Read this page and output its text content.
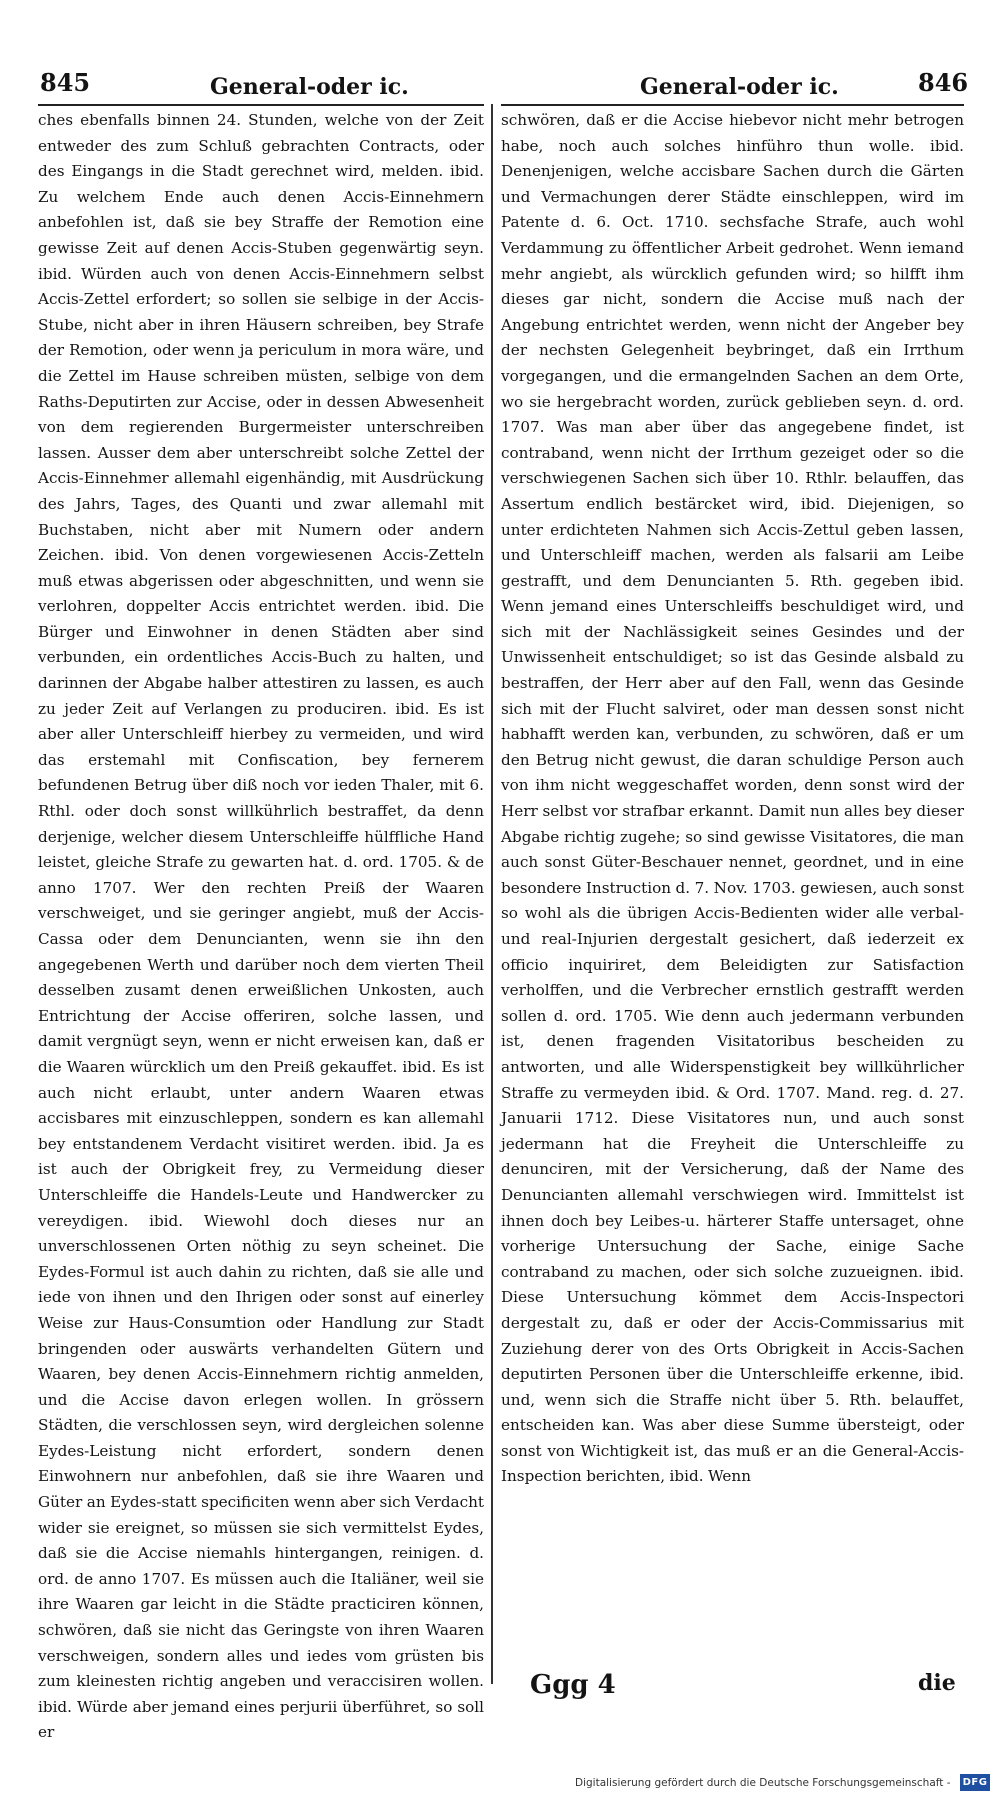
845	General-oder ic.	General-oder ic.	846

ches ebenfalls binnen 24. Stunden, welche von der Zeit entweder des zum Schluß gebrachten Contracts, oder des Eingangs in die Stadt gerechnet wird, melden. ibid. Zu welchem Ende auch denen Accis-Einnehmern anbefohlen ist, daß sie bey Straffe der Remotion eine gewisse Zeit auf denen Accis-Stuben gegenwärtig seyn. ibid. Würden auch von denen Accis-Einnehmern selbst Accis-Zettel erfordert; so sollen sie selbige in der Accis-Stube, nicht aber in ihren Häusern schreiben, bey Strafe der Remotion, oder wenn ja periculum in mora wäre, und die Zettel im Hause schreiben müsten, selbige von dem Raths-Deputirten zur Accise, oder in dessen Abwesenheit von dem regierenden Burgermeister unterschreiben lassen. Ausser dem aber unterschreibt solche Zettel der Accis-Einnehmer allemahl eigenhändig, mit Ausdrückung des Jahrs, Tages, des Quanti und zwar allemahl mit Buchstaben, nicht aber mit Numern oder andern Zeichen. ibid. Von denen vorgewiesenen Accis-Zetteln muß etwas abgerissen oder abgeschnitten, und wenn sie verlohren, doppelter Accis entrichtet werden. ibid. Die Bürger und Einwohner in denen Städten aber sind verbunden, ein ordentliches Accis-Buch zu halten, und darinnen der Abgabe halber attestiren zu lassen, es auch zu jeder Zeit auf Verlangen zu produciren. ibid. Es ist aber aller Unterschleiff hierbey zu vermeiden, und wird das erstemahl mit Confiscation, bey fernerem befundenen Betrug über diß noch vor ieden Thaler, mit 6. Rthl. oder doch sonst willkührlich bestraffet, da denn derjenige, welcher diesem Unterschleiffe hülffliche Hand leistet, gleiche Strafe zu gewarten hat. d. ord. 1705. & de anno 1707. Wer den rechten Preiß der Waaren verschweiget, und sie geringer angiebt, muß der Accis-Cassa oder dem Denuncianten, wenn sie ihn den angegebenen Werth und darüber noch dem vierten Theil desselben zusamt denen erweißlichen Unkosten, auch Entrichtung der Accise offeriren, solche lassen, und damit vergnügt seyn, wenn er nicht erweisen kan, daß er die Waaren würcklich um den Preiß gekauffet. ibid. Es ist auch nicht erlaubt, unter andern Waaren etwas accisbares mit einzuschleppen, sondern es kan allemahl bey entstandenem Verdacht visitiret werden. ibid. Ja es ist auch der Obrigkeit frey, zu Vermeidung dieser Unterschleiffe die Handels-Leute und Handwercker zu vereydigen. ibid. Wiewohl doch dieses nur an unverschlossenen Orten nöthig zu seyn scheinet. Die Eydes-Formul ist auch dahin zu richten, daß sie alle und iede von ihnen und den Ihrigen oder sonst auf einerley Weise zur Haus-Consumtion oder Handlung zur Stadt bringenden oder auswärts verhandelten Gütern und Waaren, bey denen Accis-Einnehmern richtig anmelden, und die Accise davon erlegen wollen. In grössern Städten, die verschlossen seyn, wird dergleichen solenne Eydes-Leistung nicht erfordert, sondern denen Einwohnern nur anbefohlen, daß sie ihre Waaren und Güter an Eydes-statt specificiten wenn aber sich Verdacht wider sie ereignet, so müssen sie sich vermittelst Eydes, daß sie die Accise niemahls hintergangen, reinigen. d. ord. de anno 1707. Es müssen auch die Italiäner, weil sie ihre Waaren gar leicht in die Städte practiciren können, schwören, daß sie nicht das Geringste von ihren Waaren verschweigen, sondern alles und iedes vom grüsten bis zum kleinesten richtig angeben und veraccisiren wollen. ibid. Würde aber jemand eines perjurii überführet, so soll er

schwören, daß er die Accise hiebevor nicht mehr betrogen habe, noch auch solches hinführo thun wolle. ibid. Denenjenigen, welche accisbare Sachen durch die Gärten und Vermachungen derer Städte einschleppen, wird im Patente d. 6. Oct. 1710. sechsfache Strafe, auch wohl Verdammung zu öffentlicher Arbeit gedrohet. Wenn iemand mehr angiebt, als würcklich gefunden wird; so hilfft ihm dieses gar nicht, sondern die Accise muß nach der Angebung entrichtet werden, wenn nicht der Angeber bey der nechsten Gelegenheit beybringet, daß ein Irrthum vorgegangen, und die ermangelnden Sachen an dem Orte, wo sie hergebracht worden, zurück geblieben seyn. d. ord. 1707. Was man aber über das angegebene findet, ist contraband, wenn nicht der Irrthum gezeiget oder so die verschwiegenen Sachen sich über 10. Rthlr. belauffen, das Assertum endlich bestärcket wird, ibid. Diejenigen, so unter erdichteten Nahmen sich Accis-Zettul geben lassen, und Unterschleiff machen, werden als falsarii am Leibe gestrafft, und dem Denuncianten 5. Rth. gegeben ibid. Wenn jemand eines Unterschleiffs beschuldiget wird, und sich mit der Nachlässigkeit seines Gesindes und der Unwissenheit entschuldiget; so ist das Gesinde alsbald zu bestraffen, der Herr aber auf den Fall, wenn das Gesinde sich mit der Flucht salviret, oder man dessen sonst nicht habhafft werden kan, verbunden, zu schwören, daß er um den Betrug nicht gewust, die daran schuldige Person auch von ihm nicht weggeschaffet worden, denn sonst wird der Herr selbst vor strafbar erkannt. Damit nun alles bey dieser Abgabe richtig zugehe; so sind gewisse Visitatores, die man auch sonst Güter-Beschauer nennet, geordnet, und in eine besondere Instruction d. 7. Nov. 1703. gewiesen, auch sonst so wohl als die übrigen Accis-Bedienten wider alle verbal- und real-Injurien dergestalt gesichert, daß iederzeit ex officio inquiriret, dem Beleidigten zur Satisfaction verholffen, und die Verbrecher ernstlich gestrafft werden sollen d. ord. 1705. Wie denn auch jedermann verbunden ist, denen fragenden Visitatoribus bescheiden zu antworten, und alle Widerspenstigkeit bey willkührlicher Straffe zu vermeyden ibid. & Ord. 1707. Mand. reg. d. 27. Januarii 1712. Diese Visitatores nun, und auch sonst jedermann hat die Freyheit die Unterschleiffe zu denunciren, mit der Versicherung, daß der Name des Denuncianten allemahl verschwiegen wird. Immittelst ist ihnen doch bey Leibes-u. härterer Staffe untersaget, ohne vorherige Untersuchung der Sache, einige Sache contraband zu machen, oder sich solche zuzueignen. ibid. Diese Untersuchung kömmet dem Accis-Inspectori dergestalt zu, daß er oder der Accis-Commissarius mit Zuziehung derer von des Orts Obrigkeit in Accis-Sachen deputirten Personen über die Unterschleiffe erkenne, ibid. und, wenn sich die Straffe nicht über 5. Rth. belauffet, entscheiden kan. Was aber diese Summe übersteigt, oder sonst von Wichtigkeit ist, das muß er an die General-Accis-Inspection berichten, ibid. Wenn

Ggg 4	die
Digitalisierung gefördert durch die Deutsche Forschungsgemeinschaft -	DFG
